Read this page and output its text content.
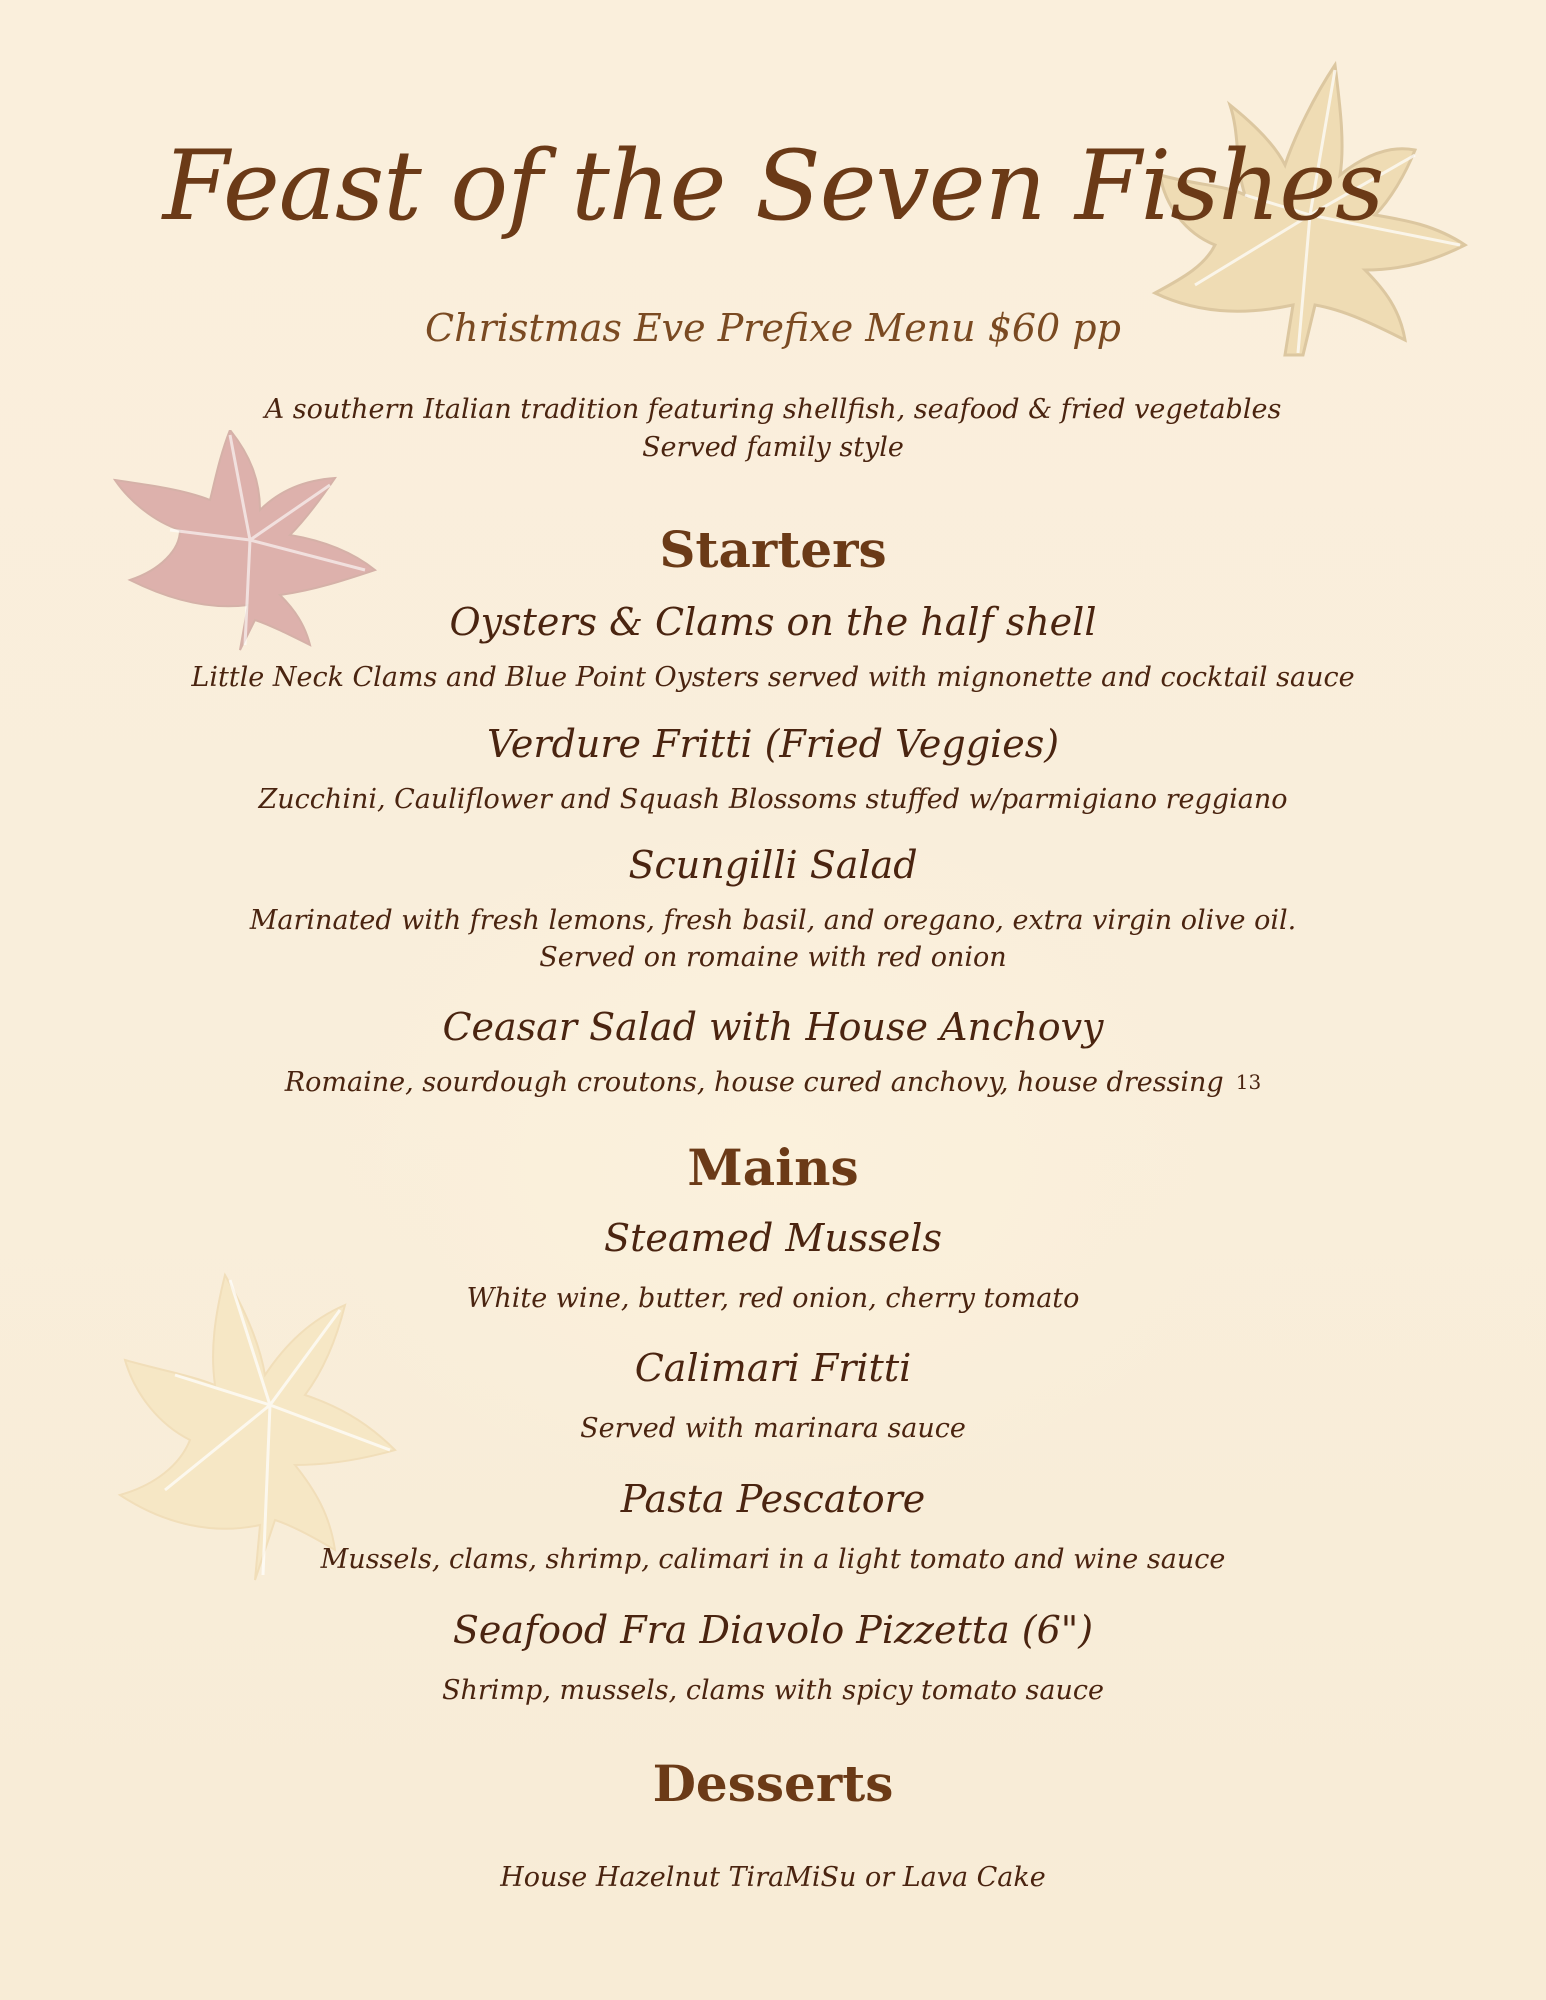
Feast of the Seven Fishes
Christmas Eve Prefixe Menu $60 pp
A southern Italian tradition featuring shellfish, seafood & fried vegetables
Served family style
Starters
Oysters & Clams on the half shell
Little Neck Clams and Blue Point Oysters served with mignonette and cocktail sauce
Verdure Fritti (Fried Veggies)
Zucchini, Cauliflower and Squash Blossoms stuffed w/parmigiano reggiano
Scungilli Salad
Marinated with fresh lemons, fresh basil, and oregano, extra virgin olive oil.
Served on romaine with red onion
Ceasar Salad with House Anchovy
Romaine, sourdough croutons, house cured anchovy, house dressing 13
Mains
Steamed Mussels
White wine, butter, red onion, cherry tomato
Calimari Fritti
Served with marinara sauce
Pasta Pescatore
Mussels, clams, shrimp, calimari in a light tomato and wine sauce
Seafood Fra Diavolo Pizzetta (6")
Shrimp, mussels, clams with spicy tomato sauce
Desserts
House Hazelnut TiraMiSu or Lava Cake
